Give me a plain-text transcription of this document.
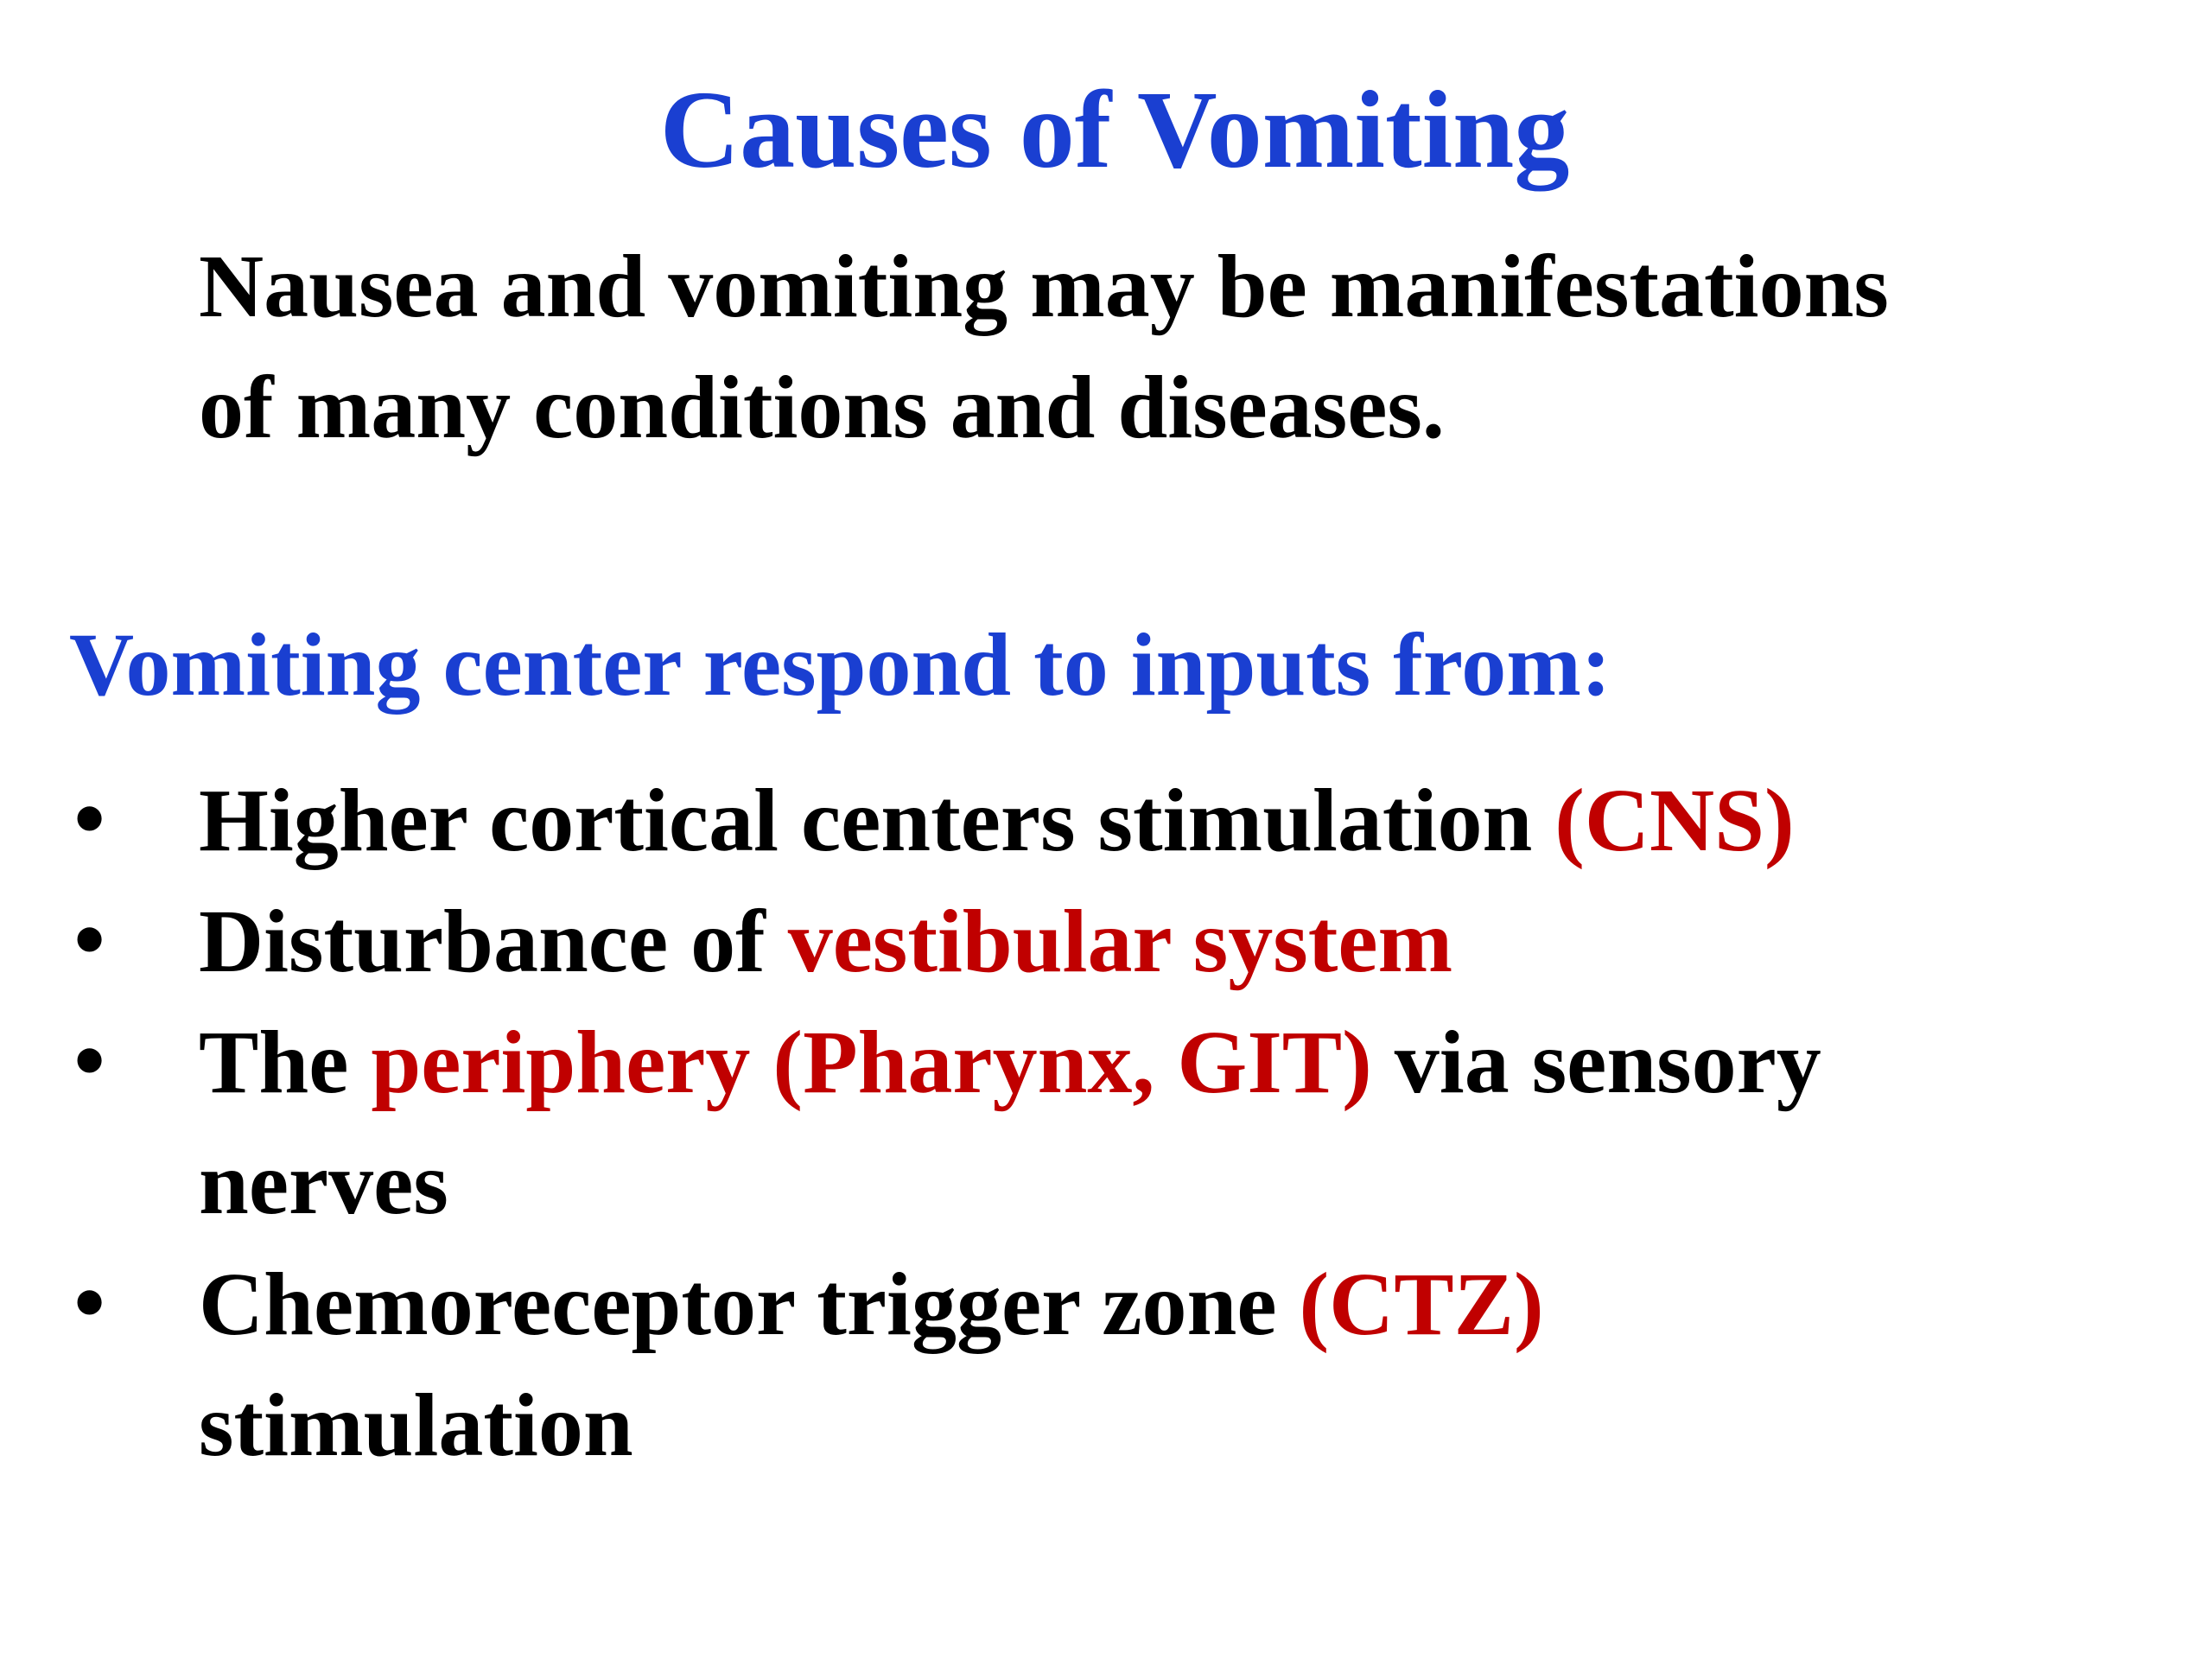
Causes of Vomiting
Nausea and vomiting may be manifestations
of many conditions and diseases.
Vomiting center respond to inputs from:
• Higher cortical centers stimulation (CNS)
• Disturbance of vestibular system
• The periphery (Pharynx, GIT) via sensory
nerves
• Chemoreceptor trigger zone (CTZ)
stimulation
